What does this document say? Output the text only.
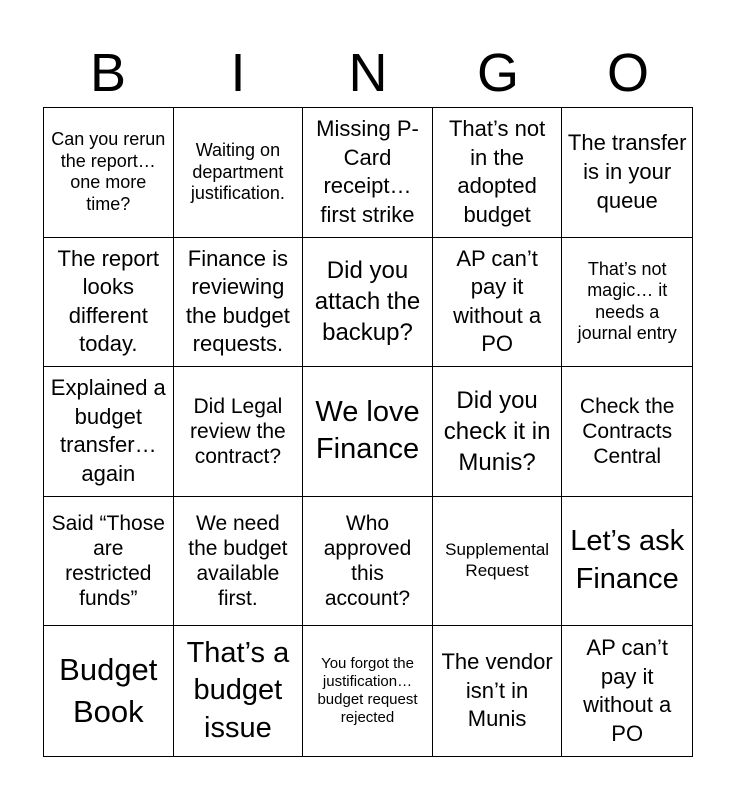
B	I	N	G	O
Can you rerun the report… one more time?
Waiting on department justification.
Missing P-Card receipt… first strike
That’s not in the adopted budget
The transfer is in your queue
The report looks different today.
Finance is reviewing the budget requests.
Did you attach the backup?
AP can’t pay it without a PO
That’s not magic… it needs a journal entry
Explained a budget transfer… again
Did Legal review the contract?
We love Finance
Did you check it in Munis?
Check the Contracts Central
Said “Those are restricted funds”
We need the budget available first.
Who approved this account?
Supplemental Request
Let’s ask Finance
Budget Book
That’s a budget issue
You forgot the justification… budget request rejected
The vendor isn’t in Munis
AP can’t pay it without a PO
